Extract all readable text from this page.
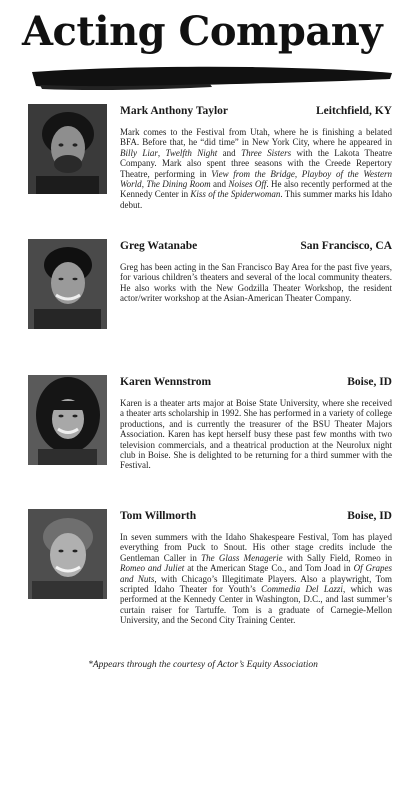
Acting Company
Mark Anthony Taylor	Leitchfield, KY

Mark comes to the Festival from Utah, where he is finishing a belated BFA. Before that, he “did time” in New York City, where he appeared in Billy Liar, Twelfth Night and Three Sisters with the Lakota Theatre Company. Mark also spent three seasons with the Creede Repertory Theatre, performing in View from the Bridge, Playboy of the Western World, The Dining Room and Noises Off. He also recently performed at the Kennedy Center in Kiss of the Spiderwoman. This summer marks his Idaho debut.

Greg Watanabe	San Francisco, CA

Greg has been acting in the San Francisco Bay Area for the past five years, for various children’s theaters and several of the local community theaters. He also works with the New Godzilla Theater Workshop, the resident actor/writer workshop at the Asian-American Theater Company.

Karen Wennstrom	Boise, ID

Karen is a theater arts major at Boise State University, where she received a theater arts scholarship in 1992. She has performed in a variety of college productions, and is currently the treasurer of the BSU Theater Majors Association. Karen has kept herself busy these past few months with two television commercials, and a theatrical production at the Neurolux night club in Boise. She is delighted to be returning for a third summer with the Festival.

Tom Willmorth	Boise, ID

In seven summers with the Idaho Shakespeare Festival, Tom has played everything from Puck to Snout. His other stage credits include the Gentleman Caller in The Glass Menagerie with Sally Field, Romeo in Romeo and Juliet at the American Stage Co., and Tom Joad in Of Grapes and Nuts, with Chicago’s Illegitimate Players. Also a playwright, Tom scripted Idaho Theater for Youth’s Commedia Del Lazzi, which was performed at the Kennedy Center in Washington, D.C., and last summer’s curtain raiser for Tartuffe. Tom is a graduate of Carnegie-Mellon University, and the Second City Training Center.

*Appears through the courtesy of Actor’s Equity Association
